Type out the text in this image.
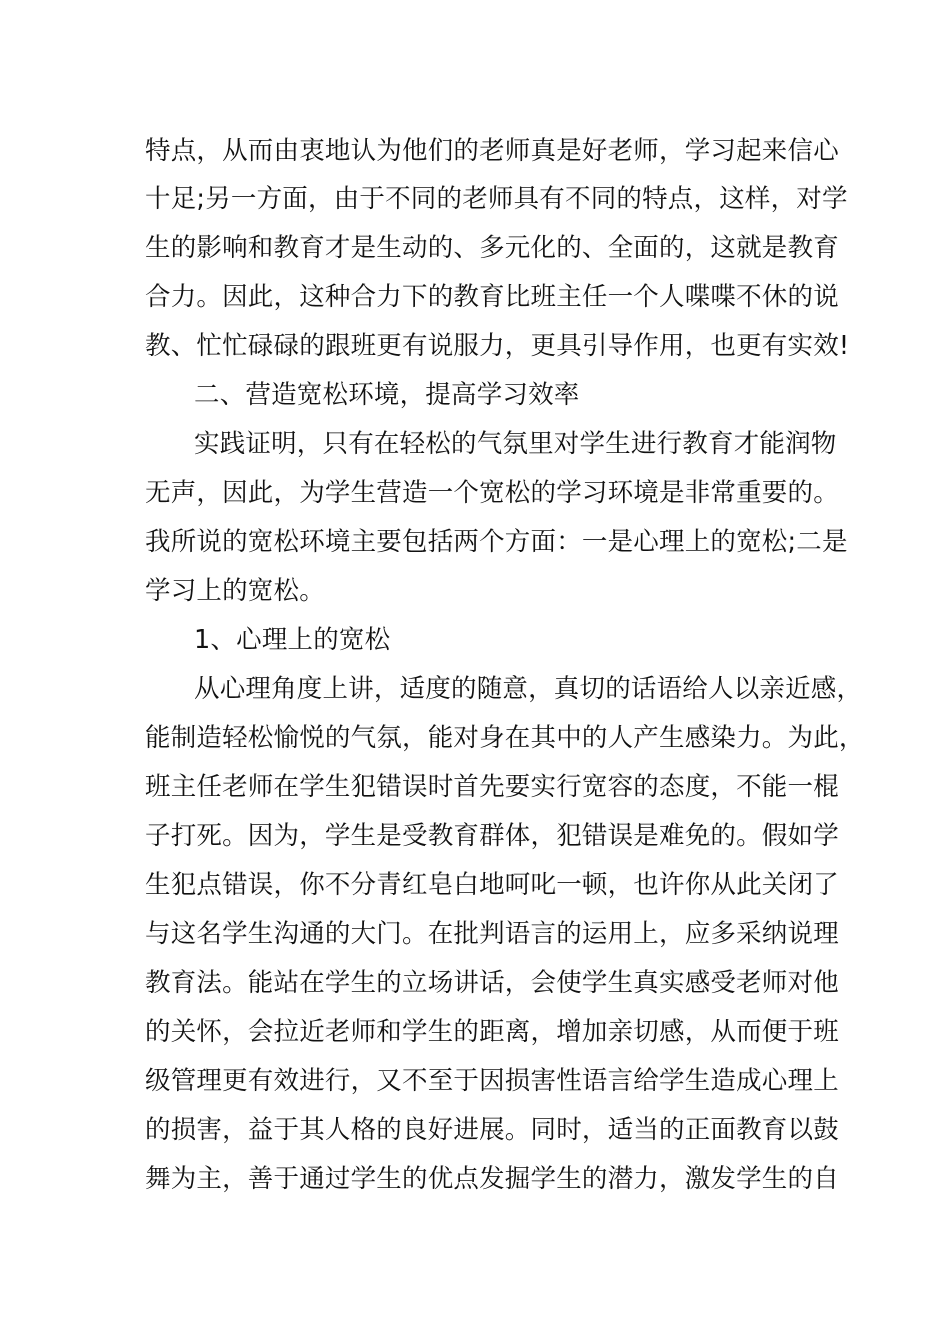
特点，从而由衷地认为他们的老师真是好老师，学习起来信心
十足;另一方面，由于不同的老师具有不同的特点，这样，对学
生的影响和教育才是生动的、多元化的、全面的，这就是教育
合力。因此，这种合力下的教育比班主任一个人喋喋不休的说
教、忙忙碌碌的跟班更有说服力，更具引导作用，也更有实效!
二、营造宽松环境，提高学习效率
实践证明，只有在轻松的气氛里对学生进行教育才能润物
无声，因此，为学生营造一个宽松的学习环境是非常重要的。
我所说的宽松环境主要包括两个方面：一是心理上的宽松;二是
学习上的宽松。
1、心理上的宽松
从心理角度上讲，适度的随意，真切的话语给人以亲近感，
能制造轻松愉悦的气氛，能对身在其中的人产生感染力。为此，
班主任老师在学生犯错误时首先要实行宽容的态度，不能一棍
子打死。因为，学生是受教育群体，犯错误是难免的。假如学
生犯点错误，你不分青红皂白地呵叱一顿，也许你从此关闭了
与这名学生沟通的大门。在批判语言的运用上，应多采纳说理
教育法。能站在学生的立场讲话，会使学生真实感受老师对他
的关怀，会拉近老师和学生的距离，增加亲切感，从而便于班
级管理更有效进行，又不至于因损害性语言给学生造成心理上
的损害，益于其人格的良好进展。同时，适当的正面教育以鼓
舞为主，善于通过学生的优点发掘学生的潜力，激发学生的自
